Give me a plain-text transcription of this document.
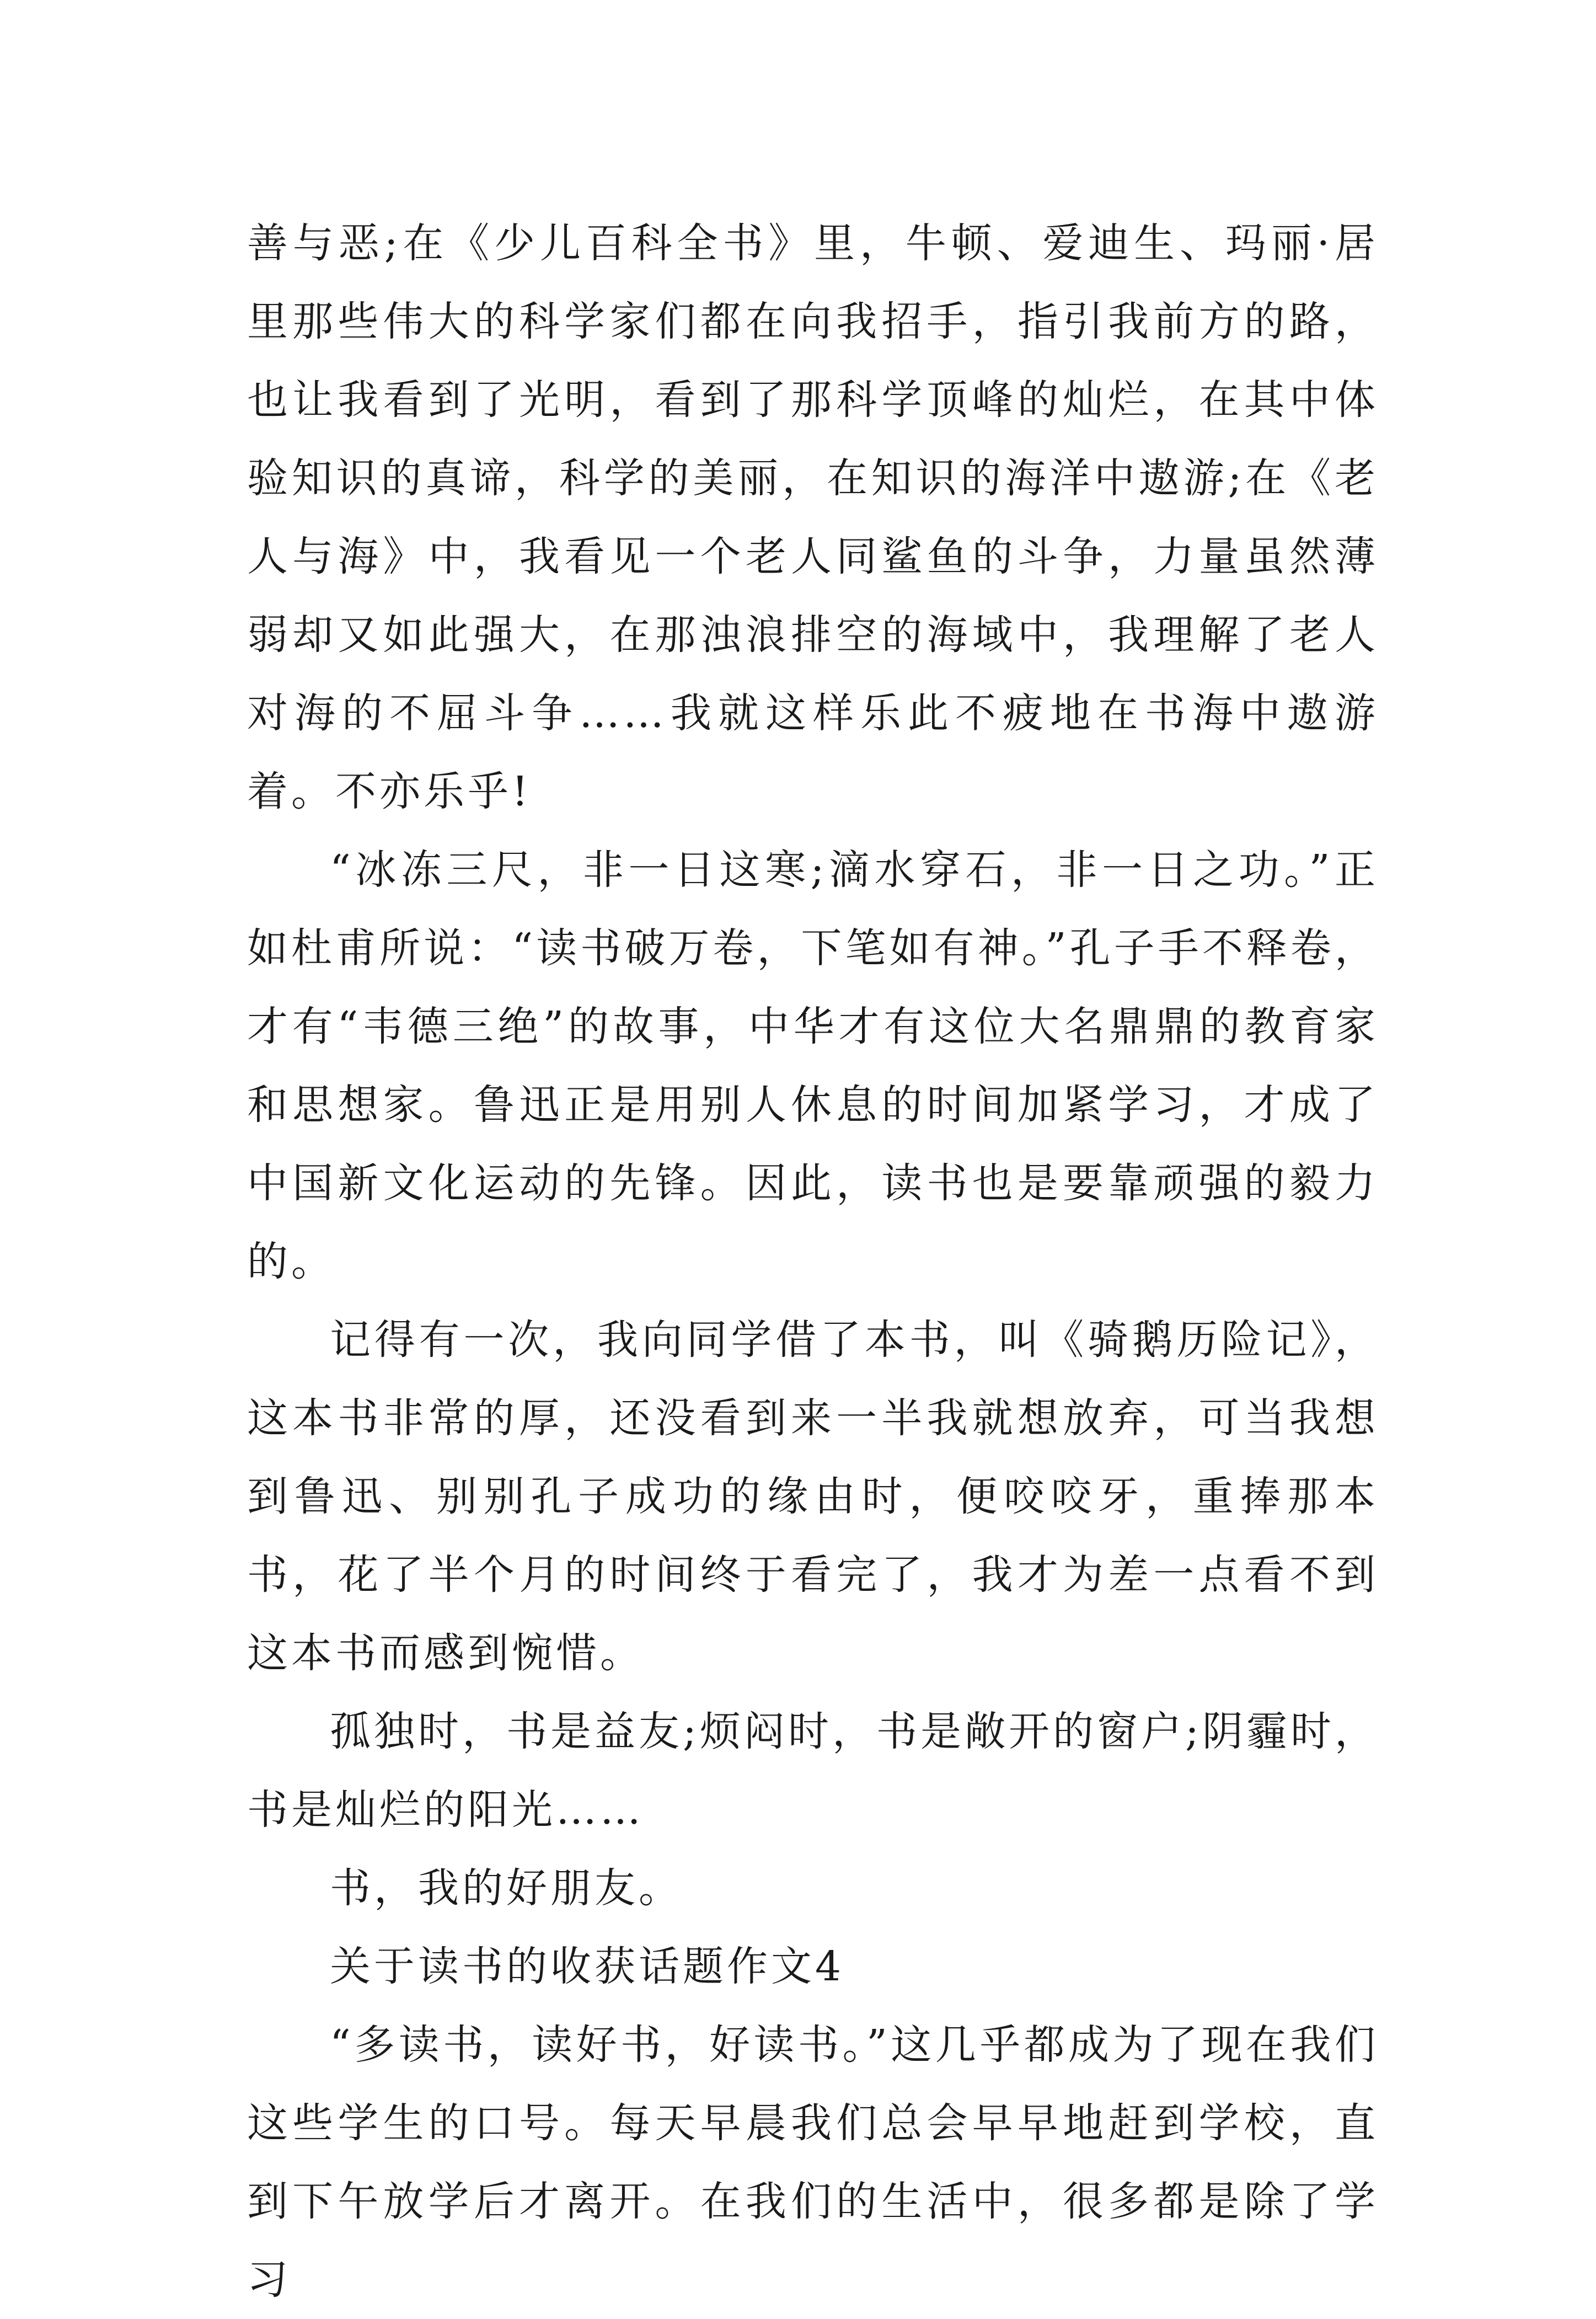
善与恶;在《少儿百科全书》里，牛顿、爱迪生、玛丽·居里那些伟大的科学家们都在向我招手，指引我前方的路，也让我看到了光明，看到了那科学顶峰的灿烂，在其中体验知识的真谛，科学的美丽，在知识的海洋中遨游;在《老人与海》中，我看见一个老人同鲨鱼的斗争，力量虽然薄弱却又如此强大，在那浊浪排空的海域中，我理解了老人对海的不屈斗争……我就这样乐此不疲地在书海中遨游着。不亦乐乎!

“冰冻三尺，非一日这寒;滴水穿石，非一日之功。”正如杜甫所说：“读书破万卷，下笔如有神。”孔子手不释卷，才有“韦德三绝”的故事，中华才有这位大名鼎鼎的教育家和思想家。鲁迅正是用别人休息的时间加紧学习，才成了中国新文化运动的先锋。因此，读书也是要靠顽强的毅力的。

记得有一次，我向同学借了本书，叫《骑鹅历险记》，这本书非常的厚，还没看到来一半我就想放弃，可当我想到鲁迅、别别孔子成功的缘由时，便咬咬牙，重捧那本书，花了半个月的时间终于看完了，我才为差一点看不到这本书而感到惋惜。

孤独时，书是益友;烦闷时，书是敞开的窗户;阴霾时，书是灿烂的阳光……

书，我的好朋友。

关于读书的收获话题作文4

“多读书，读好书，好读书。”这几乎都成为了现在我们这些学生的口号。每天早晨我们总会早早地赶到学校，直到下午放学后才离开。在我们的生活中，很多都是除了学习
